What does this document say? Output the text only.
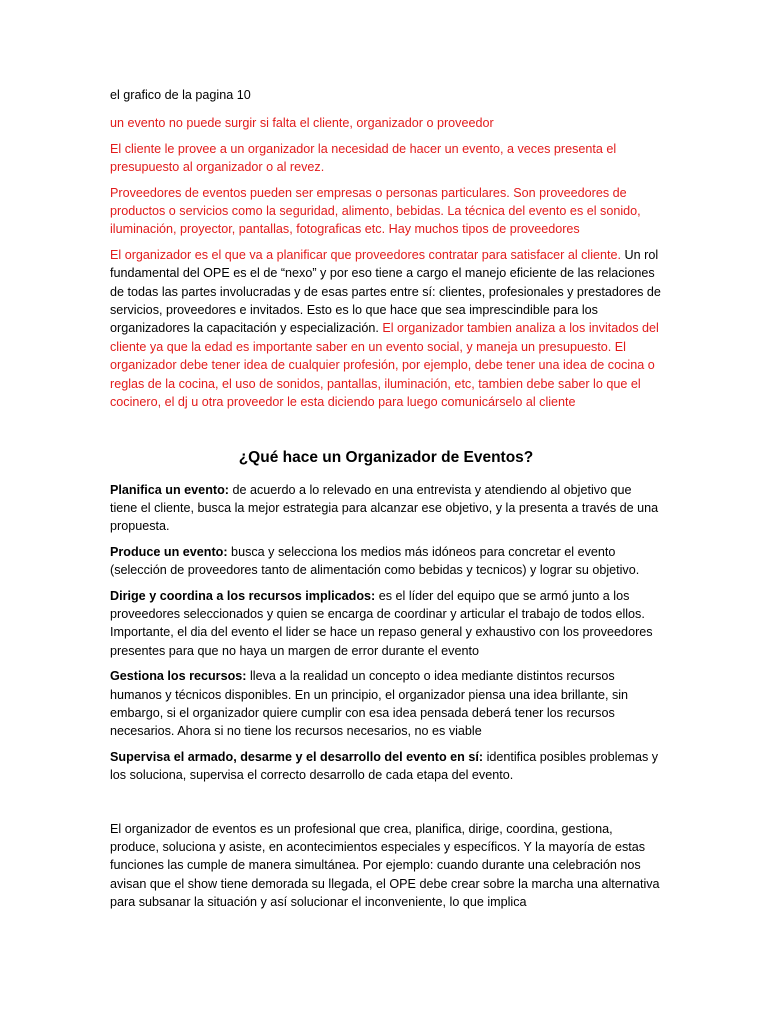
el grafico de la pagina 10

un evento no puede surgir si falta el cliente, organizador o proveedor

El cliente le provee a un organizador la necesidad de hacer un evento, a veces presenta el presupuesto al organizador o al revez.

Proveedores de eventos pueden ser empresas o personas particulares. Son proveedores de productos o servicios como la seguridad, alimento, bebidas. La técnica del evento es el sonido, iluminación, proyector, pantallas, fotograficas etc. Hay muchos tipos de proveedores

El organizador es el que va a planificar que proveedores contratar para satisfacer al cliente. Un rol fundamental del OPE es el de “nexo” y por eso tiene a cargo el manejo eficiente de las relaciones de todas las partes involucradas y de esas partes entre sí: clientes, profesionales y prestadores de servicios, proveedores e invitados. Esto es lo que hace que sea imprescindible para los organizadores la capacitación y especialización. El organizador tambien analiza a los invitados del cliente ya que la edad es importante saber en un evento social, y maneja un presupuesto. El organizador debe tener idea de cualquier profesión, por ejemplo, debe tener una idea de cocina o reglas de la cocina, el uso de sonidos, pantallas, iluminación, etc, tambien debe saber lo que el cocinero, el dj u otra proveedor le esta diciendo para luego comunicárselo al cliente

¿Qué hace un Organizador de Eventos?

Planifica un evento: de acuerdo a lo relevado en una entrevista y atendiendo al objetivo que tiene el cliente, busca la mejor estrategia para alcanzar ese objetivo, y la presenta a través de una propuesta.

Produce un evento: busca y selecciona los medios más idóneos para concretar el evento (selección de proveedores tanto de alimentación como bebidas y tecnicos) y lograr su objetivo.

Dirige y coordina a los recursos implicados: es el líder del equipo que se armó junto a los proveedores seleccionados y quien se encarga de coordinar y articular el trabajo de todos ellos. Importante, el dia del evento el lider se hace un repaso general y exhaustivo con los proveedores presentes para que no haya un margen de error durante el evento

Gestiona los recursos: lleva a la realidad un concepto o idea mediante distintos recursos humanos y técnicos disponibles. En un principio, el organizador piensa una idea brillante, sin embargo, si el organizador quiere cumplir con esa idea pensada deberá tener los recursos necesarios. Ahora si no tiene los recursos necesarios, no es viable

Supervisa el armado, desarme y el desarrollo del evento en sí: identifica posibles problemas y los soluciona, supervisa el correcto desarrollo de cada etapa del evento.

El organizador de eventos es un profesional que crea, planifica, dirige, coordina, gestiona, produce, soluciona y asiste, en acontecimientos especiales y específicos. Y la mayoría de estas funciones las cumple de manera simultánea. Por ejemplo: cuando durante una celebración nos avisan que el show tiene demorada su llegada, el OPE debe crear sobre la marcha una alternativa para subsanar la situación y así solucionar el inconveniente, lo que implica
